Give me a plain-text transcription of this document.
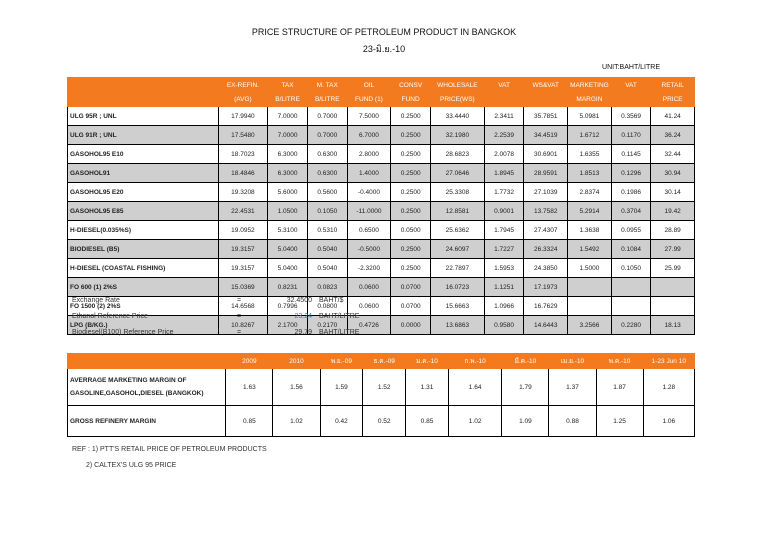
PRICE STRUCTURE OF PETROLEUM PRODUCT IN BANGKOK
23-มิ.ย.-10
UNIT:BAHT/LITRE
	EX-REFIN.	TAX	M. TAX	OIL	CONSV	WHOLESALE	VAT	WS&VAT	MARKETING	VAT	RETAIL
	(AVG)	B/LITRE	B/LITRE	FUND (1)	FUND	PRICE(WS)			MARGIN		PRICE
ULG 95R ; UNL	17.9940	7.0000	0.7000	7.5000	0.2500	33.4440	2.3411	35.7851	5.0981	0.3569	41.24
ULG 91R ; UNL	17.5480	7.0000	0.7000	6.7000	0.2500	32.1980	2.2539	34.4519	1.6712	0.1170	36.24
GASOHOL95 E10	18.7023	6.3000	0.6300	2.8000	0.2500	28.6823	2.0078	30.6901	1.6355	0.1145	32.44
GASOHOL91	18.4846	6.3000	0.6300	1.4000	0.2500	27.0646	1.8945	28.9591	1.8513	0.1296	30.94
GASOHOL95 E20	19.3208	5.6000	0.5600	-0.4000	0.2500	25.3308	1.7732	27.1039	2.8374	0.1986	30.14
GASOHOL95 E85	22.4531	1.0500	0.1050	-11.0000	0.2500	12.8581	0.9001	13.7582	5.2914	0.3704	19.42
H-DIESEL(0.035%S)	19.0952	5.3100	0.5310	0.6500	0.0500	25.6362	1.7945	27.4307	1.3638	0.0955	28.89
BIODIESEL (B5)	19.3157	5.0400	0.5040	-0.5000	0.2500	24.6097	1.7227	26.3324	1.5492	0.1084	27.99
H-DIESEL (COASTAL FISHING)	19.3157	5.0400	0.5040	-2.3200	0.2500	22.7897	1.5953	24.3850	1.5000	0.1050	25.99
FO 600 (1) 2%S	15.0369	0.8231	0.0823	0.0600	0.0700	16.0723	1.1251	17.1973			
FO 1500 (2) 2%S	14.6568	0.7996	0.0800	0.0600	0.0700	15.6663	1.0966	16.7629			
LPG (B/KG.)	10.8267	2.1700	0.2170	0.4726	0.0000	13.6863	0.9580	14.6443	3.2566	0.2280	18.13
Exchange Rate	=	32.4500 BAHT/$
Ethanol Reference Price	=	23.24 BAHT/LITRE
Biodiesel(B100) Reference Price	=	29.79 BAHT/LITRE
	2009	2010	พ.ย.-09	ธ.ค.-09	ม.ค.-10	ก.พ.-10	มี.ค.-10	เม.ย.-10	พ.ค.-10	1-23 Jun 10

AVERRAGE MARKETING MARGIN OF
GASOLINE,GASOHOL,DIESEL (BANGKOK)	1.63	1.56	1.59	1.52	1.31	1.64	1.79	1.37	1.87	1.28

GROSS REFINERY MARGIN	0.85	1.02	0.42	0.52	0.85	1.02	1.09	0.88	1.25	1.06
REF : 1) PTT'S RETAIL PRICE OF PETROLEUM PRODUCTS
2) CALTEX'S ULG 95 PRICE
